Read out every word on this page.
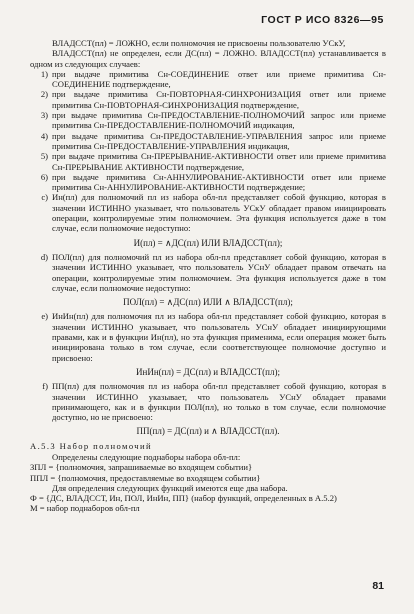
ГОСТ Р ИСО 8326—95

ВЛАДССТ(пл) = ЛОЖНО, если полномочия не присвоены пользователю УСкУ,

ВЛАДССТ(пл) не определен, если ДС(пл) = ЛОЖНО. ВЛАДССТ(пл) устанавливается в одном из следующих случаев:

1) при выдаче примитива Сн-СОЕДИНЕНИЕ ответ или приеме примитива Сн-СОЕДИНЕНИЕ подтверждение,
2) при выдаче примитива Сн-ПОВТОРНАЯ-СИНХРОНИЗАЦИЯ ответ или приеме примитива Сн-ПОВТОРНАЯ-СИНХРОНИЗАЦИЯ подтверждение,
3) при выдаче примитива Сн-ПРЕДОСТАВЛЕНИЕ-ПОЛНОМОЧИЙ запрос или приеме примитива Сн-ПРЕДОСТАВЛЕНИЕ-ПОЛНОМОЧИЙ индикация,
4) при выдаче примитива Сн-ПРЕДОСТАВЛЕНИЕ-УПРАВЛЕНИЯ запрос или приеме примитива Сн-ПРЕДОСТАВЛЕНИЕ-УПРАВЛЕНИЯ индикация,
5) при выдаче примитива Сн-ПРЕРЫВАНИЕ-АКТИВНОСТИ ответ или приеме примитива Сн-ПРЕРЫВАНИЕ АКТИВНОСТИ подтверждение,
6) при выдаче примитива Сн-АННУЛИРОВАНИЕ-АКТИВНОСТИ ответ или приеме примитива Сн-АННУЛИРОВАНИЕ-АКТИВНОСТИ подтверждение;
c) Ин(пл) для полномочий пл из набора обл-пл представляет собой функцию, которая в значении ИСТИННО указывает, что пользователь УСкУ обладает правом инициировать операции, контролируемые этим полномочием. Эта функция используется даже в том случае, если полномочие недоступно:
И(пл) = ∧ДС(пл) ИЛИ ВЛАДССТ(пл);
d) ПОЛ(пл) для полномочий пл из набора обл-пл представляет собой функцию, которая в значении ИСТИННО указывает, что пользователь УСнУ обладает правом отвечать на операции, контролируемые этим полномочием. Эта функция используется даже в том случае, если полномочие недоступно:
ПОЛ(пл) = ∧ДС(пл) ИЛИ ∧ ВЛАДССТ(пл);
e) ИнИн(пл) для полномочия пл из набора обл-пл представляет собой функцию, которая в значении ИСТИННО указывает, что пользователь УСнУ обладает инициирующими правами, как и в функции Ин(пл), но эта функция применима, если операция может быть инициирована только в том случае, если соответствующее полномочие доступно и присвоено:
ИнИн(пл) = ДС(пл) и ВЛАДССТ(пл);
f) ПП(пл) для полномочия пл из набора обл-пл представляет собой функцию, которая в значении ИСТИННО указывает, что пользователь УСнУ обладает правами принимающего, как и в функции ПОЛ(пл), но только в том случае, если полномочие доступно, но не присвоено:
ПП(пл) = ДС(пл) и ∧ ВЛАДССТ(пл).

А.5.3 Набор полномочий

Определены следующие поднаборы набора обл-пл:

ЗПЛ = {полномочия, запрашиваемые во входящем событии}

ППЛ = {полномочия, предоставляемые во входящем событии}

Для определения следующих функций имеются еще два набора.

Ф = {ДС, ВЛАДССТ, Ин, ПОЛ, ИнИн, ПП} (набор функций, определенных в А.5.2)

М = набор поднаборов обл-пл

81
